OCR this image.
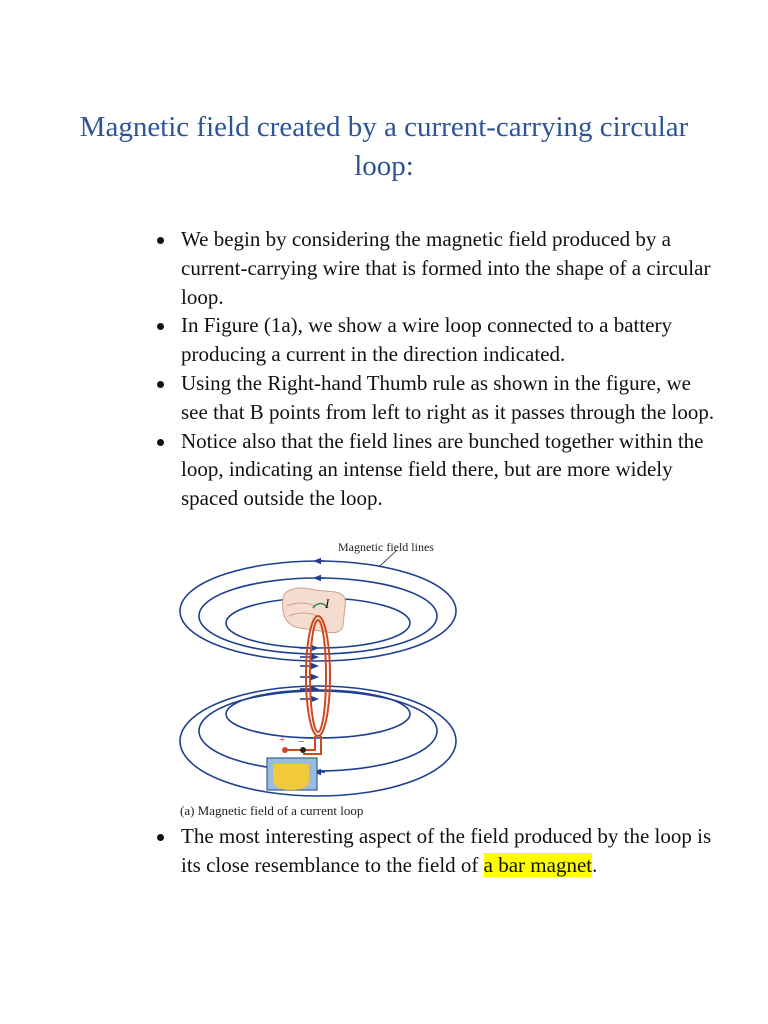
Magnetic field created by a current-carrying circular loop:
We begin by considering the magnetic field produced by a current-carrying wire that is formed into the shape of a circular loop.
In Figure (1a), we show a wire loop connected to a battery producing a current in the direction indicated.
Using the Right-hand Thumb rule as shown in the figure, we see that B points from left to right as it passes through the loop.
Notice also that the field lines are bunched together within the loop, indicating an intense field there, but are more widely spaced outside the loop.
I
+ −
Magnetic field lines
(a) Magnetic field of a current loop
The most interesting aspect of the field produced by the loop is its close resemblance to the field of a bar magnet.
